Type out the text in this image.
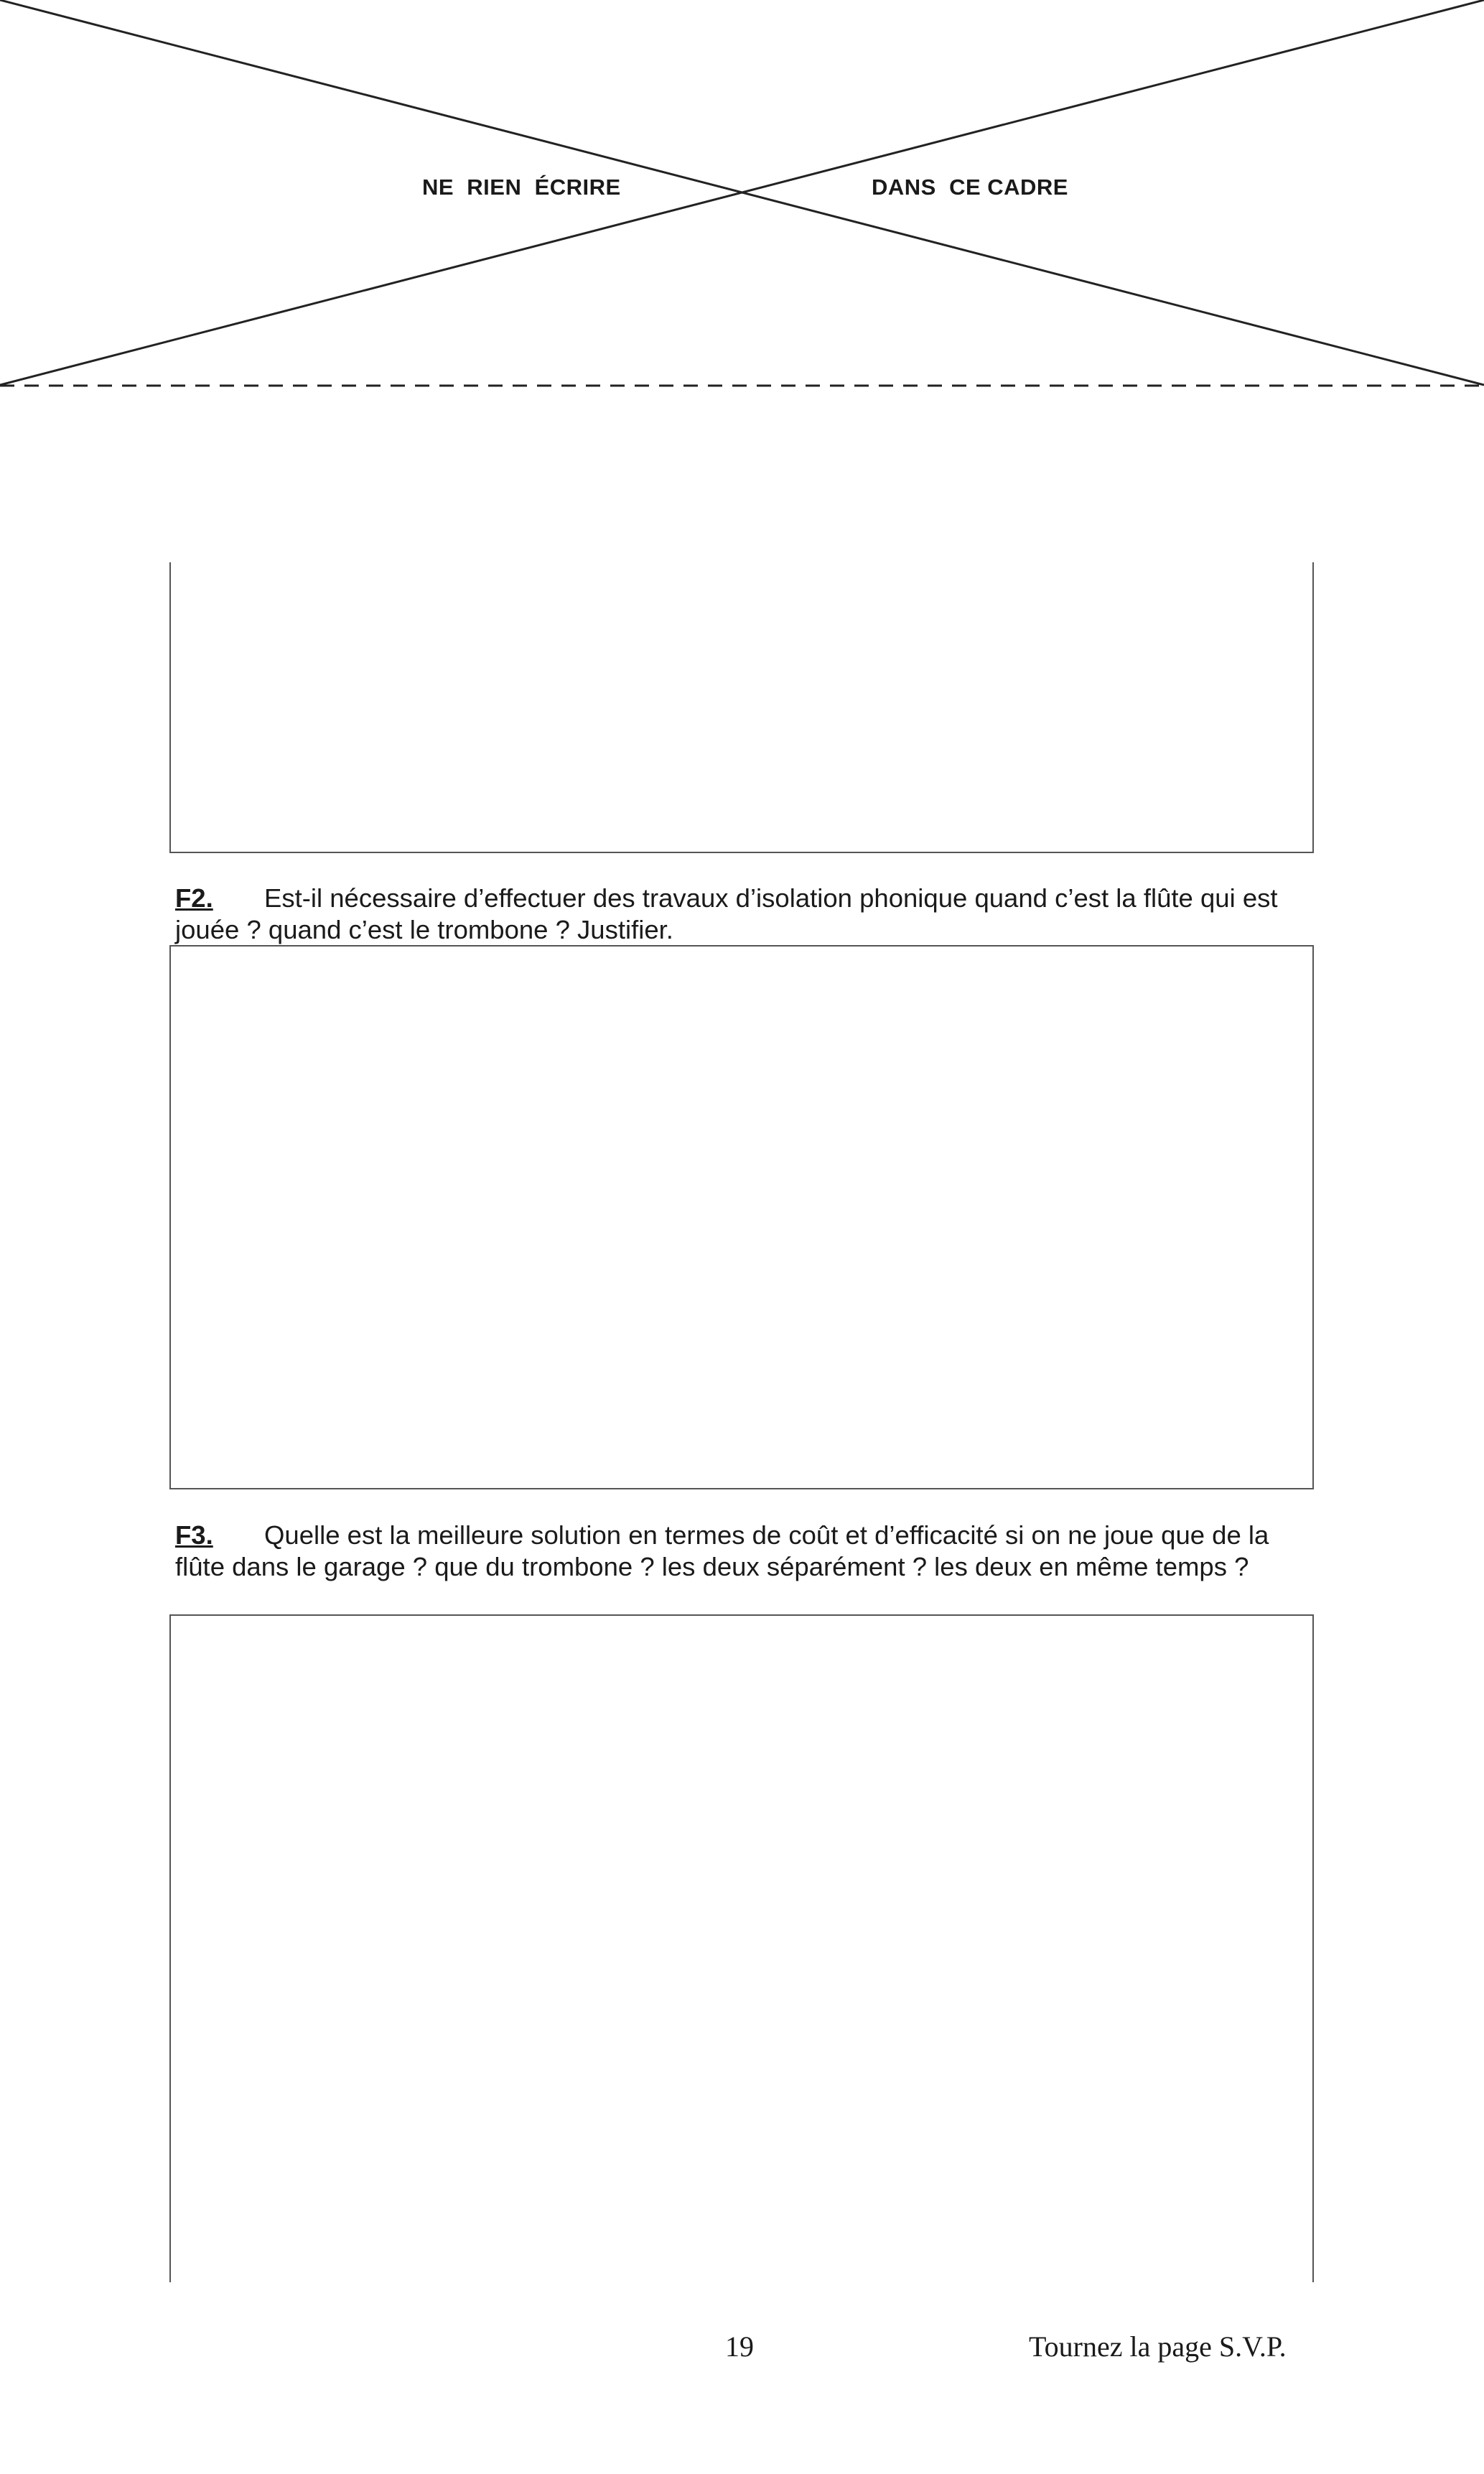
NE  RIEN  ÉCRIRE	DANS  CE CADRE
F2. Est-il nécessaire d’effectuer des travaux d’isolation phonique quand c’est la flûte qui est jouée ? quand c’est le trombone ? Justifier.
F3. Quelle est la meilleure solution en termes de coût et d’efficacité si on ne joue que de la flûte dans le garage ? que du trombone ? les deux séparément ? les deux en même temps ?
19	Tournez la page S.V.P.
